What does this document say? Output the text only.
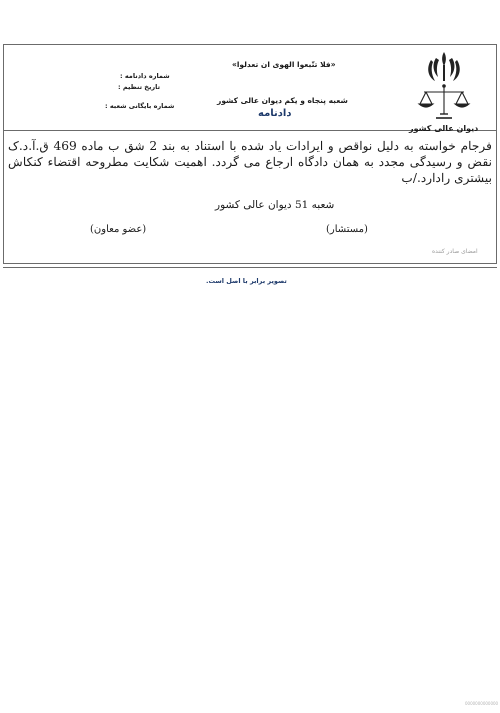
دیوان عالی کشور
«فلا تتّبعوا الهوی ان تعدلوا»
شعبه پنجاه و یکم دیوان عالی کشور
دادنامه
شماره دادنامه :
تاریخ تنظیم :
شماره بایگانی شعبه :
فرجام خواسته به دلیل نواقص و ایرادات یاد شده با استناد به بند 2 شق ب ماده 469 ق.آ.د.ک نقض و رسیدگی مجدد به همان دادگاه ارجاع می گردد. اهمیت شکایت مطروحه اقتضاء کنکاش بیشتری رادارد./ب
شعبه 51 دیوان عالی کشور
(مستشار)
(عضو معاون)
امضای صادر کننده
تصویر برابر با اصل است.
0000000000000
